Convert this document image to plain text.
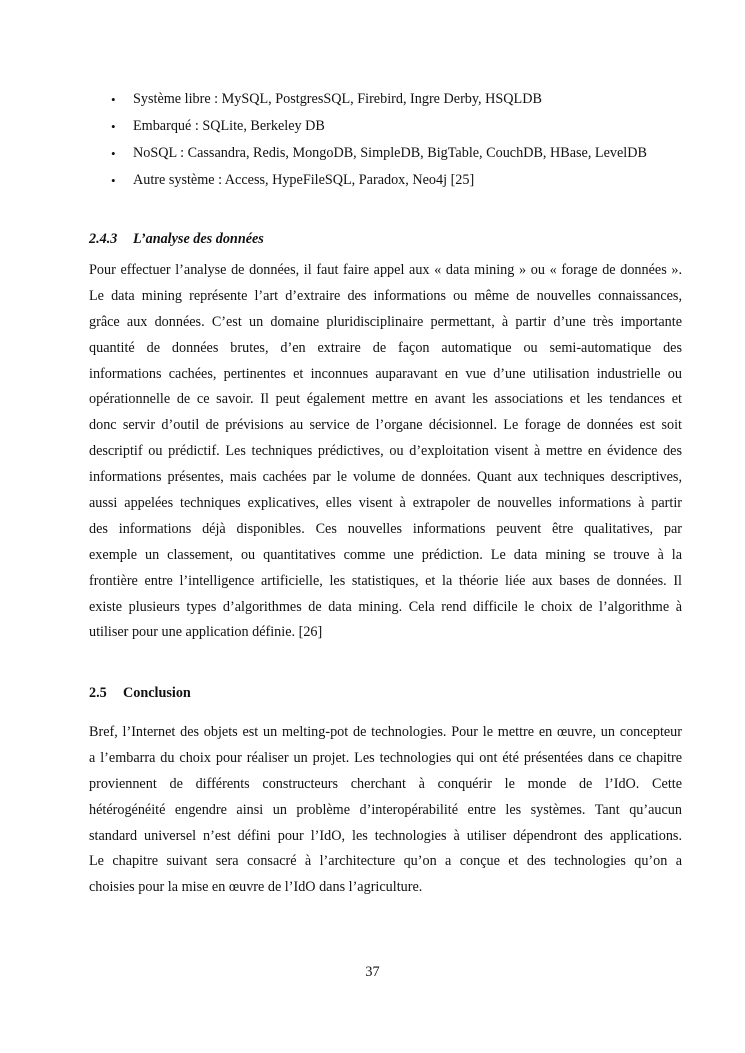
• Système libre : MySQL, PostgresSQL, Firebird, Ingre Derby, HSQLDB
• Embarqué : SQLite, Berkeley DB
• NoSQL : Cassandra, Redis, MongoDB, SimpleDB, BigTable, CouchDB, HBase, LevelDB
• Autre système : Access, HypeFileSQL, Paradox, Neo4j [25]
2.4.3 L’analyse des données
Pour effectuer l’analyse de données, il faut faire appel aux « data mining » ou « forage de données ».
Le data mining représente l’art d’extraire des informations ou même de nouvelles connaissances,
grâce aux données. C’est un domaine pluridisciplinaire permettant, à partir d’une très importante
quantité de données brutes, d’en extraire de façon automatique ou semi-automatique des
informations cachées, pertinentes et inconnues auparavant en vue d’une utilisation industrielle ou
opérationnelle de ce savoir. Il peut également mettre en avant les associations et les tendances et
donc servir d’outil de prévisions au service de l’organe décisionnel. Le forage de données est soit
descriptif ou prédictif. Les techniques prédictives, ou d’exploitation visent à mettre en évidence des
informations présentes, mais cachées par le volume de données. Quant aux techniques descriptives,
aussi appelées techniques explicatives, elles visent à extrapoler de nouvelles informations à partir
des informations déjà disponibles. Ces nouvelles informations peuvent être qualitatives, par
exemple un classement, ou quantitatives comme une prédiction. Le data mining se trouve à la
frontière entre l’intelligence artificielle, les statistiques, et la théorie liée aux bases de données. Il
existe plusieurs types d’algorithmes de data mining. Cela rend difficile le choix de l’algorithme à
utiliser pour une application définie. [26]
2.5 Conclusion
Bref, l’Internet des objets est un melting-pot de technologies. Pour le mettre en œuvre, un concepteur
a l’embarra du choix pour réaliser un projet. Les technologies qui ont été présentées dans ce chapitre
proviennent de différents constructeurs cherchant à conquérir le monde de l’IdO. Cette
hétérogénéité engendre ainsi un problème d’interopérabilité entre les systèmes. Tant qu’aucun
standard universel n’est défini pour l’IdO, les technologies à utiliser dépendront des applications.
Le chapitre suivant sera consacré à l’architecture qu’on a conçue et des technologies qu’on a
choisies pour la mise en œuvre de l’IdO dans l’agriculture.
37
